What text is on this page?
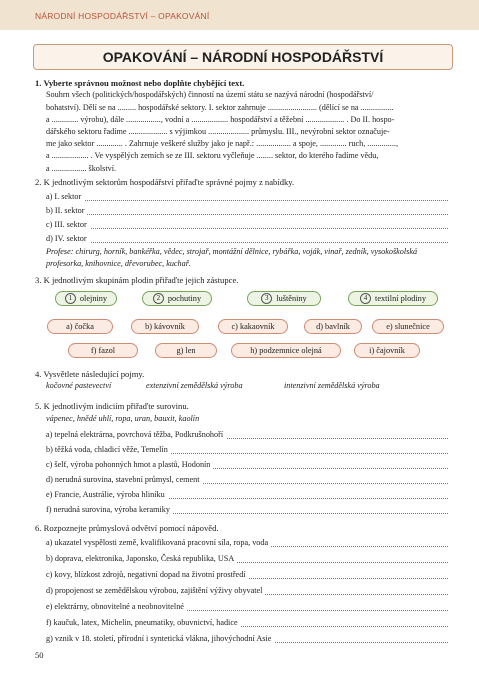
NÁRODNÍ HOSPODÁŘSTVÍ – OPAKOVÁNÍ
OPAKOVÁNÍ – NÁRODNÍ HOSPODÁŘSTVÍ
1. Vyberte správnou možnost nebo doplňte chybějící text.
Souhrn všech (politických/hospodářských) činností na území státu se nazývá národní (hospodářství/
bohatství). Dělí se na ......... hospodářské sektory. I. sektor zahrnuje ........................ (dělící se na ................
a ............. výrobu), dále ................., vodní a .................. hospodářství a těžební ................... . Do II. hospo-
dářského sektoru řadíme ................... s výjimkou .................... průmyslu. III., nevýrobní sektor označuje-
me jako sektor ............. . Zahrnuje veškeré služby jako je např.: ................. a spoje, ............. ruch, ..............,
a .................. . Ve vyspělých zemích se ze III. sektoru vyčleňuje ........ sektor, do kterého řadíme vědu,
a ................. školství.
2. K jednotlivým sektorům hospodářství přiřaďte správné pojmy z nabídky.
a) I. sektor
b) II. sektor
c) III. sektor
d) IV. sektor
Profese: chirurg, horník, bankéřka, vědec, strojař, montážní dělnice, rybářka, voják, vinař, zedník, vysokoškolská profesorka, knihovnice, dřevorubec, kuchař.
3. K jednotlivým skupinám plodin přiřaďte jejich zástupce.
1 olejniny	2 pochutiny	3 luštěniny	4 textilní plodiny
a) čočka	b) kávovník	c) kakaovník	d) bavlník	e) slunečnice
f) fazol	g) len	h) podzemnice olejná	i) čajovník
4. Vysvětlete následující pojmy.
kočovné pastevectví	extenzivní zemědělská výroba	intenzivní zemědělská výroba
5. K jednotlivým indiciím přiřaďte surovinu.
vápenec, hnědé uhlí, ropa, uran, bauxit, kaolín
a) tepelná elektrárna, povrchová těžba, Podkrušnohoří
b) těžká voda, chladicí věže, Temelín
c) šelf, výroba pohonných hmot a plastů, Hodonín
d) nerudná surovina, stavební průmysl, cement
e) Francie, Austrálie, výroba hliníku
f) nerudná surovina, výroba keramiky
6. Rozpoznejte průmyslová odvětví pomocí nápověd.
a) ukazatel vyspělosti země, kvalifikovaná pracovní síla, ropa, voda
b) doprava, elektronika, Japonsko, Česká republika, USA
c) kovy, blízkost zdrojů, negativní dopad na životní prostředí
d) propojenost se zemědělskou výrobou, zajištění výživy obyvatel
e) elektrárny, obnovitelné a neobnovitelné
f) kaučuk, latex, Michelin, pneumatiky, obuvnictví, hadice
g) vznik v 18. století, přírodní i syntetická vlákna, jihovýchodní Asie
50
